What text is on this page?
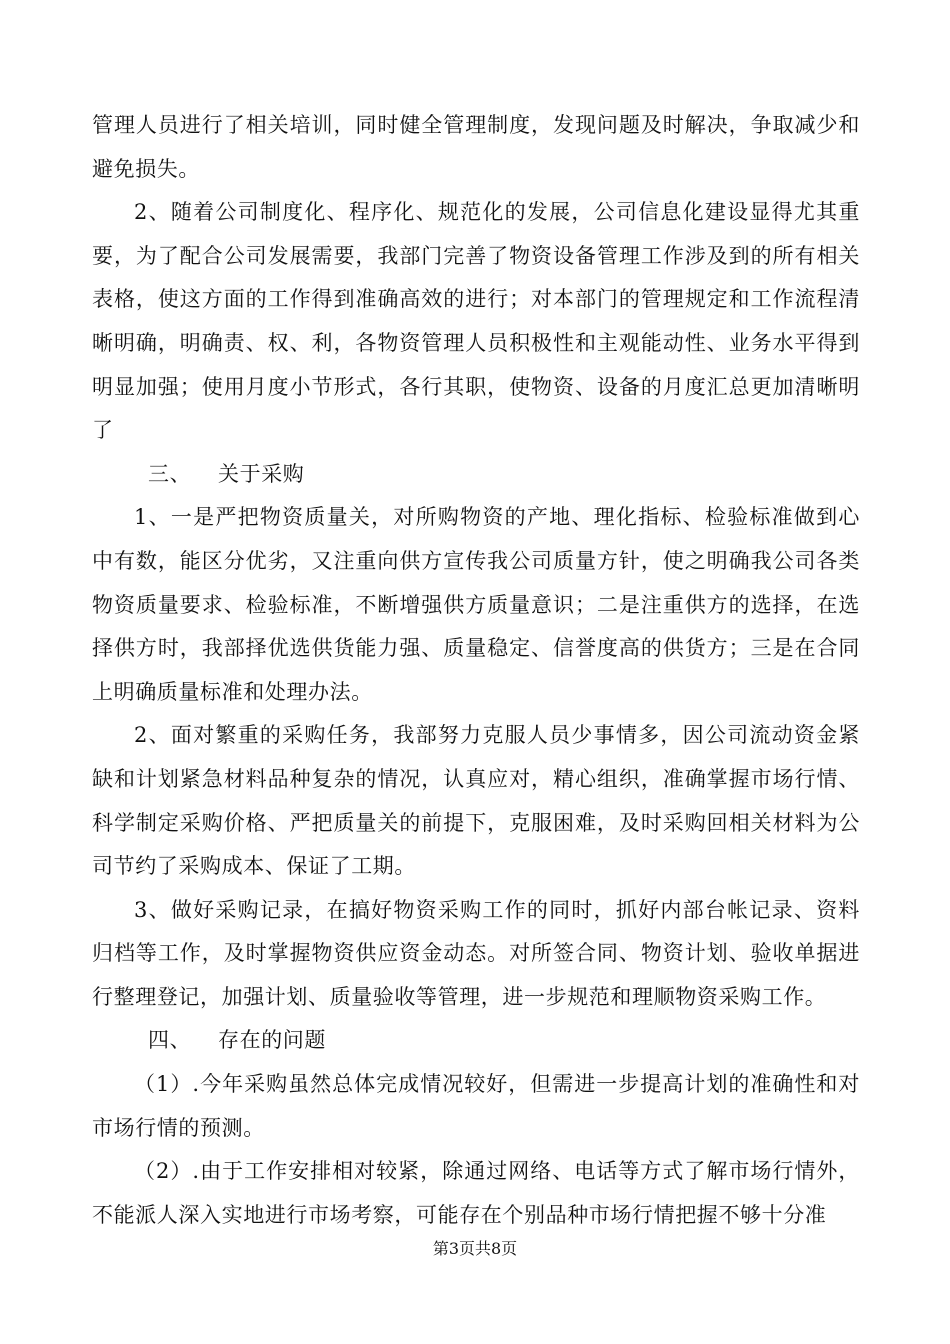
管理人员进行了相关培训，同时健全管理制度，发现问题及时解决，争取减少和避免损失。

2、随着公司制度化、程序化、规范化的发展，公司信息化建设显得尤其重要，为了配合公司发展需要，我部门完善了物资设备管理工作涉及到的所有相关表格，使这方面的工作得到准确高效的进行；对本部门的管理规定和工作流程清晰明确，明确责、权、利，各物资管理人员积极性和主观能动性、业务水平得到明显加强；使用月度小节形式，各行其职，使物资、设备的月度汇总更加清晰明了

三、 关于采购

1、一是严把物资质量关，对所购物资的产地、理化指标、检验标准做到心中有数，能区分优劣，又注重向供方宣传我公司质量方针，使之明确我公司各类物资质量要求、检验标准，不断增强供方质量意识；二是注重供方的选择，在选择供方时，我部择优选供货能力强、质量稳定、信誉度高的供货方；三是在合同上明确质量标准和处理办法。

2、面对繁重的采购任务，我部努力克服人员少事情多，因公司流动资金紧缺和计划紧急材料品种复杂的情况，认真应对，精心组织，准确掌握市场行情、科学制定采购价格、严把质量关的前提下，克服困难，及时采购回相关材料为公司节约了采购成本、保证了工期。

3、做好采购记录，在搞好物资采购工作的同时，抓好内部台帐记录、资料归档等工作，及时掌握物资供应资金动态。对所签合同、物资计划、验收单据进行整理登记，加强计划、质量验收等管理，进一步规范和理顺物资采购工作。

四、 存在的问题

（1）.今年采购虽然总体完成情况较好，但需进一步提高计划的准确性和对市场行情的预测。

（2）.由于工作安排相对较紧，除通过网络、电话等方式了解市场行情外，不能派人深入实地进行市场考察，可能存在个别品种市场行情把握不够十分准

第3页共8页
